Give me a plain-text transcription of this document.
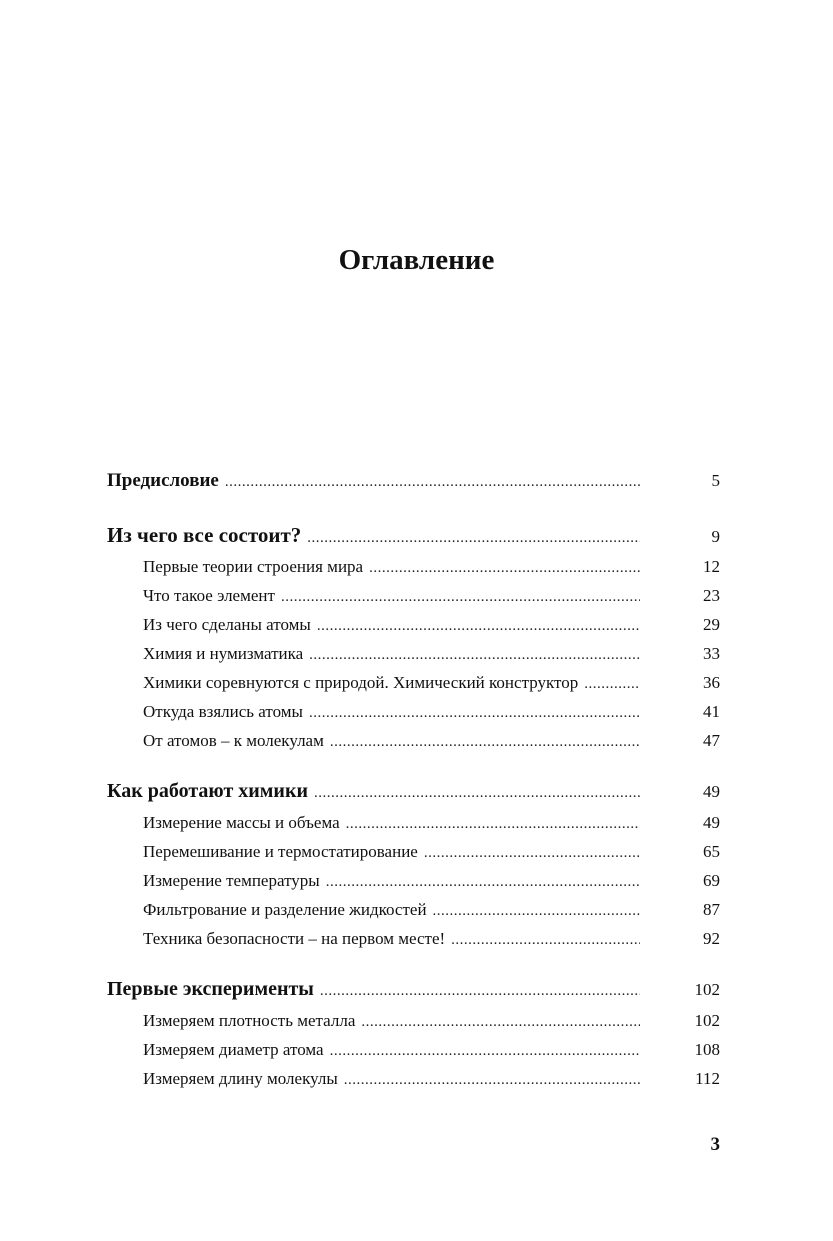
Оглавление
Предисловие .....	5
Из чего все состоит? .....	9
Первые теории строения мира .....	12
Что такое элемент .....	23
Из чего сделаны атомы .....	29
Химия и нумизматика .....	33
Химики соревнуются с природой. Химический конструктор .....	36
Откуда взялись атомы .....	41
От атомов – к молекулам .....	47
Как работают химики .....	49
Измерение массы и объема .....	49
Перемешивание и термостатирование .....	65
Измерение температуры .....	69
Фильтрование и разделение жидкостей .....	87
Техника безопасности – на первом месте! .....	92
Первые эксперименты .....	102
Измеряем плотность металла .....	102
Измеряем диаметр атома .....	108
Измеряем длину молекулы .....	112
3
